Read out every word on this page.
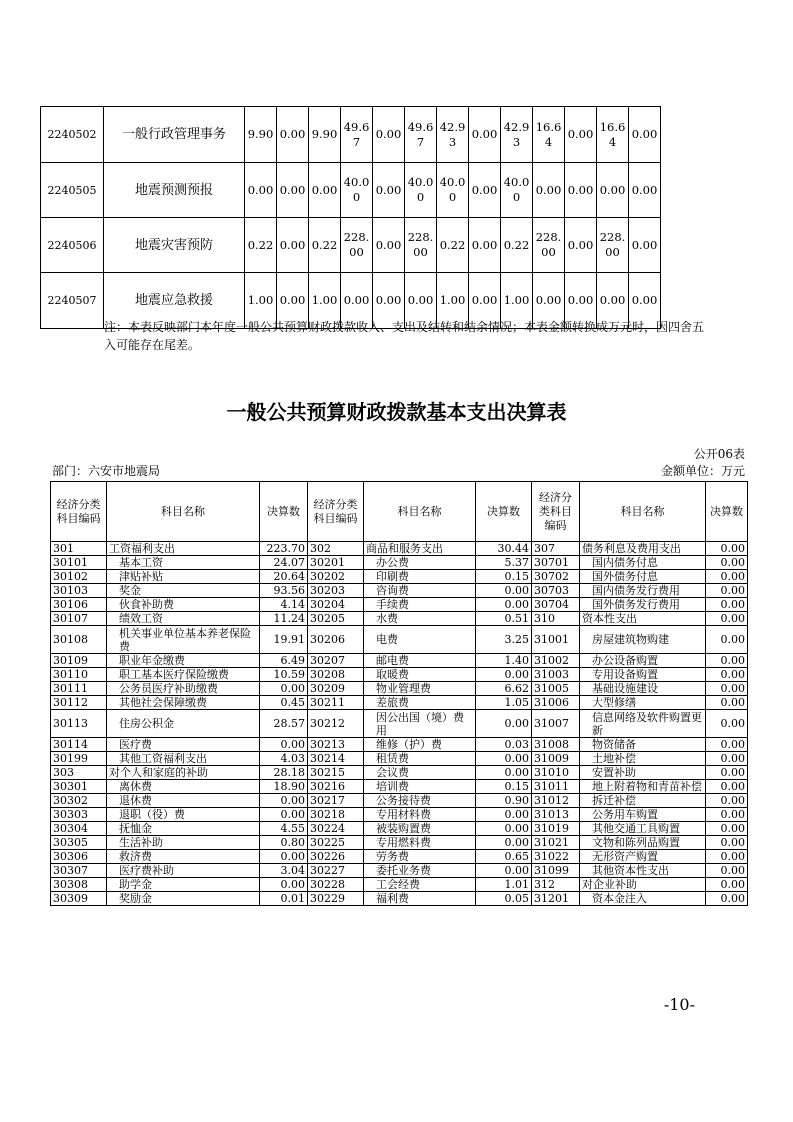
2240502	一般行政管理事务	9.90	0.00	9.90	49.67	0.00	49.67	42.93	0.00	42.93	16.64	0.00	16.64	0.00
2240505	地震预测预报	0.00	0.00	0.00	40.00	0.00	40.00	40.00	0.00	40.00	0.00	0.00	0.00	0.00
2240506	地震灾害预防	0.22	0.00	0.22	228.00	0.00	228.00	0.22	0.00	0.22	228.00	0.00	228.00	0.00
2240507	地震应急救援	1.00	0.00	1.00	0.00	0.00	0.00	1.00	0.00	1.00	0.00	0.00	0.00	0.00
注：本表反映部门本年度一般公共预算财政拨款收入、支出及结转和结余情况；本表金额转换成万元时，因四舍五入可能存在尾差。
一般公共预算财政拨款基本支出决算表
公开06表
部门：六安市地震局	金额单位：万元
经济分类科目编码	科目名称	决算数	经济分类科目编码	科目名称	决算数	经济分类科目编码	科目名称	决算数
301	工资福利支出	223.70	302	商品和服务支出	30.44	307	债务利息及费用支出	0.00
30101	基本工资	24.07	30201	办公费	5.37	30701	国内债务付息	0.00
30102	津贴补贴	20.64	30202	印刷费	0.15	30702	国外债务付息	0.00
30103	奖金	93.56	30203	咨询费	0.00	30703	国内债务发行费用	0.00
30106	伙食补助费	4.14	30204	手续费	0.00	30704	国外债务发行费用	0.00
30107	绩效工资	11.24	30205	水费	0.51	310	资本性支出	0.00
30108	机关事业单位基本养老保险费	19.91	30206	电费	3.25	31001	房屋建筑物购建	0.00
30109	职业年金缴费	6.49	30207	邮电费	1.40	31002	办公设备购置	0.00
30110	职工基本医疗保险缴费	10.59	30208	取暖费	0.00	31003	专用设备购置	0.00
30111	公务员医疗补助缴费	0.00	30209	物业管理费	6.62	31005	基础设施建设	0.00
30112	其他社会保障缴费	0.45	30211	差旅费	1.05	31006	大型修缮	0.00
30113	住房公积金	28.57	30212	因公出国（境）费用	0.00	31007	信息网络及软件购置更新	0.00
30114	医疗费	0.00	30213	维修（护）费	0.03	31008	物资储备	0.00
30199	其他工资福利支出	4.03	30214	租赁费	0.00	31009	土地补偿	0.00
303	对个人和家庭的补助	28.18	30215	会议费	0.00	31010	安置补助	0.00
30301	离休费	18.90	30216	培训费	0.15	31011	地上附着物和青苗补偿	0.00
30302	退休费	0.00	30217	公务接待费	0.90	31012	拆迁补偿	0.00
30303	退职（役）费	0.00	30218	专用材料费	0.00	31013	公务用车购置	0.00
30304	抚恤金	4.55	30224	被装购置费	0.00	31019	其他交通工具购置	0.00
30305	生活补助	0.80	30225	专用燃料费	0.00	31021	文物和陈列品购置	0.00
30306	救济费	0.00	30226	劳务费	0.65	31022	无形资产购置	0.00
30307	医疗费补助	3.04	30227	委托业务费	0.00	31099	其他资本性支出	0.00
30308	助学金	0.00	30228	工会经费	1.01	312	对企业补助	0.00
30309	奖励金	0.01	30229	福利费	0.05	31201	资本金注入	0.00
-10-
